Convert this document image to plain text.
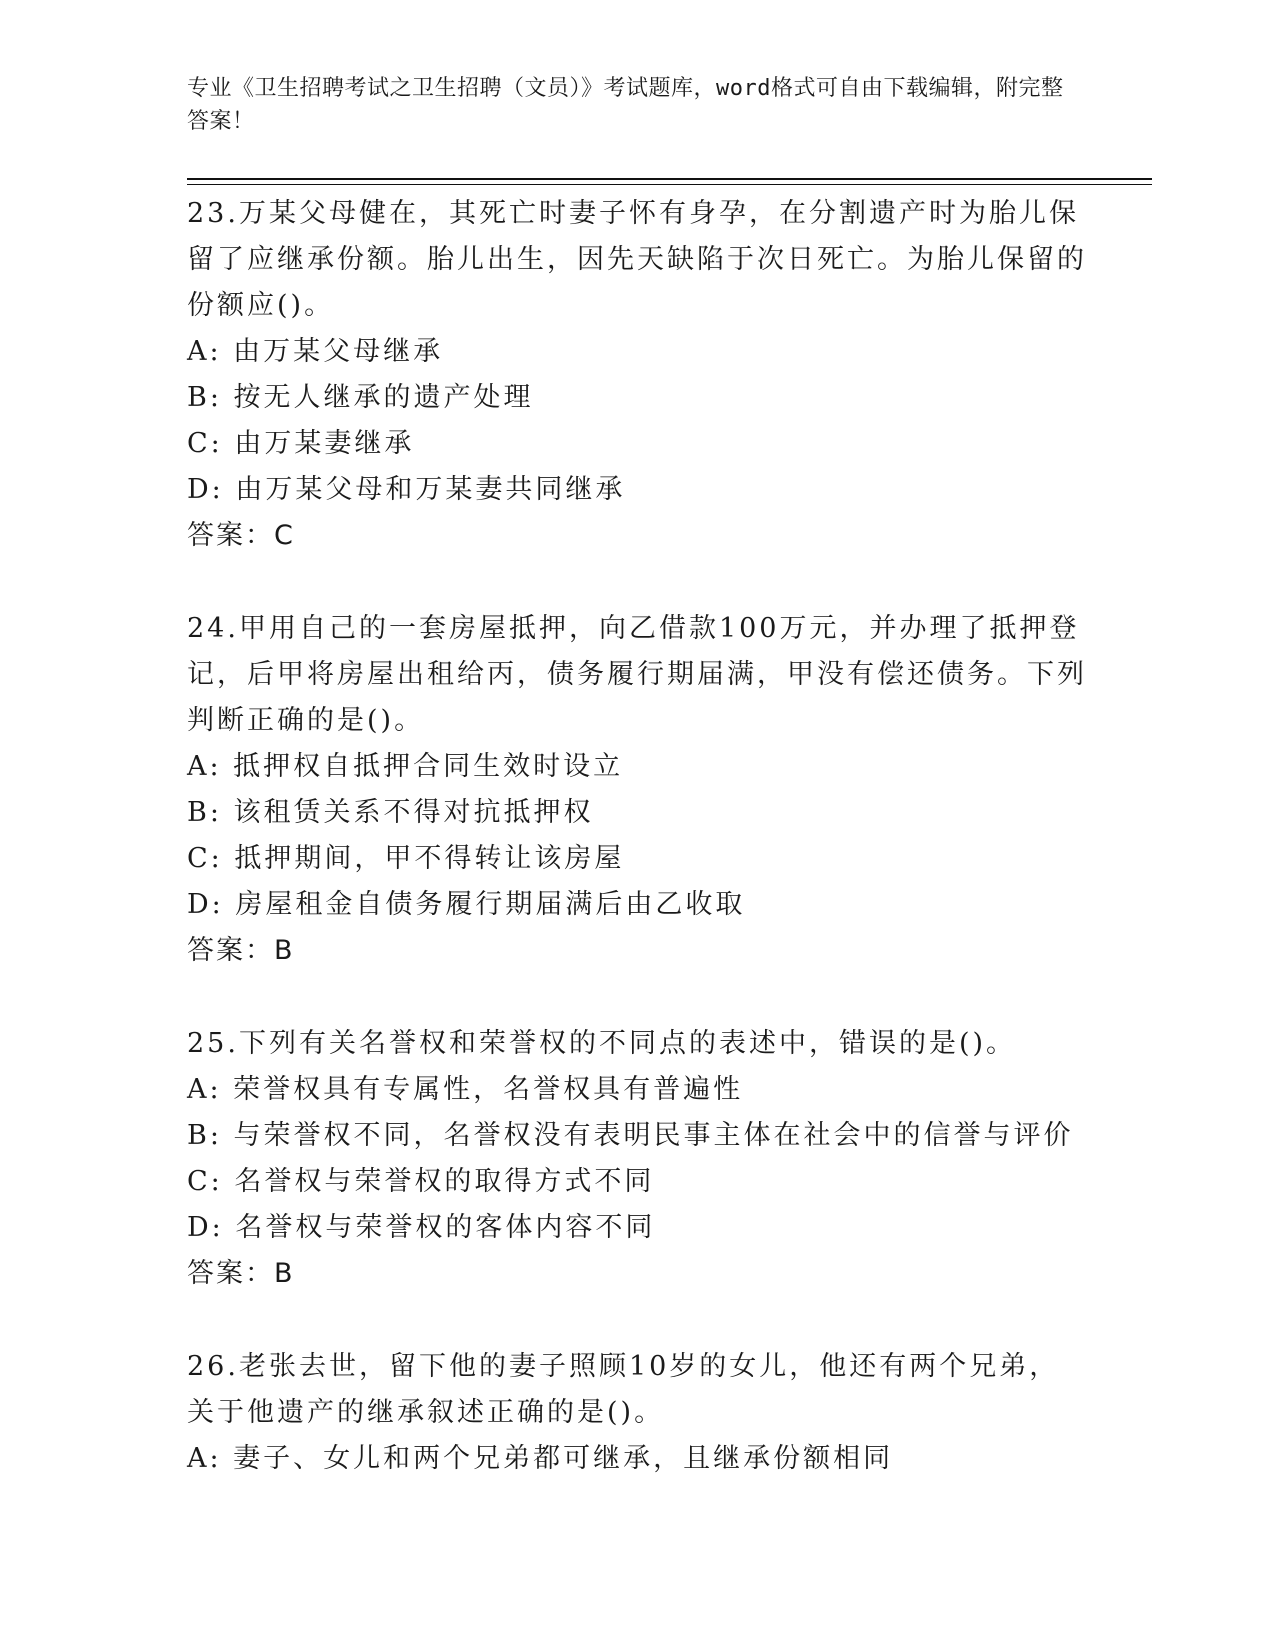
专业《卫生招聘考试之卫生招聘（文员）》考试题库，word格式可自由下载编辑，附完整答案！
23.万某父母健在，其死亡时妻子怀有身孕，在分割遗产时为胎儿保留了应继承份额。胎儿出生，因先天缺陷于次日死亡。为胎儿保留的份额应()。
A: 由万某父母继承
B: 按无人继承的遗产处理
C: 由万某妻继承
D: 由万某父母和万某妻共同继承
答案：C
24.甲用自己的一套房屋抵押，向乙借款100万元，并办理了抵押登记，后甲将房屋出租给丙，债务履行期届满，甲没有偿还债务。下列判断正确的是()。
A: 抵押权自抵押合同生效时设立
B: 该租赁关系不得对抗抵押权
C: 抵押期间，甲不得转让该房屋
D: 房屋租金自债务履行期届满后由乙收取
答案：B
25.下列有关名誉权和荣誉权的不同点的表述中，错误的是()。
A: 荣誉权具有专属性，名誉权具有普遍性
B: 与荣誉权不同，名誉权没有表明民事主体在社会中的信誉与评价
C: 名誉权与荣誉权的取得方式不同
D: 名誉权与荣誉权的客体内容不同
答案：B
26.老张去世，留下他的妻子照顾10岁的女儿，他还有两个兄弟，关于他遗产的继承叙述正确的是()。
A: 妻子、女儿和两个兄弟都可继承，且继承份额相同
